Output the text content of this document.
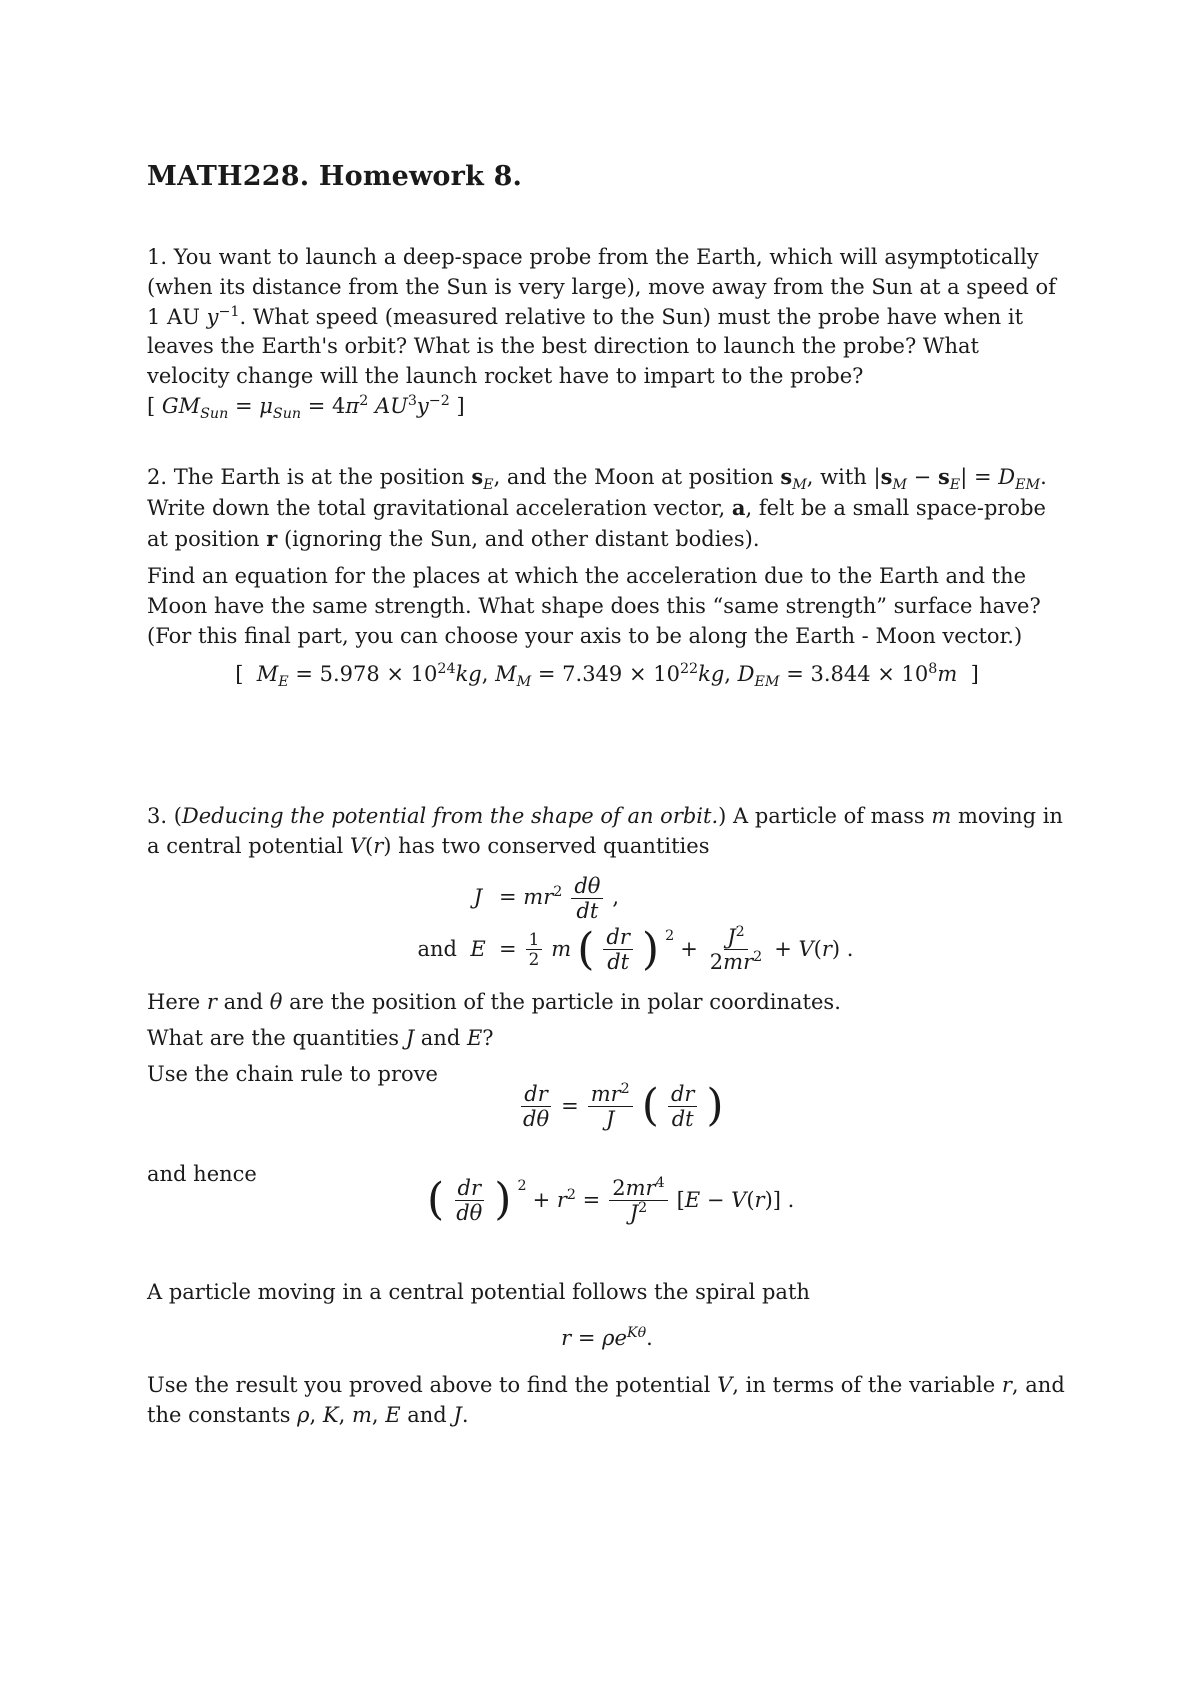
MATH228. Homework 8.

1. You want to launch a deep-space probe from the Earth, which will asymptotically (when its distance from the Sun is very large), move away from the Sun at a speed of 1 AU $y^{-1}$. What speed (measured relative to the Sun) must the probe have when it leaves the Earth's orbit? What is the best direction to launch the probe? What velocity change will the launch rocket have to impart to the probe?

[ $GM_{Sun} = \mu_{Sun} = 4\pi^2$ $AU^3y^{-2}$ ]

2. The Earth is at the position $s_E$, and the Moon at position $s_M$, with $|s_M - s_E| = D_{EM}$. Write down the total gravitational acceleration vector, a, felt be a small space-probe at position r (ignoring the Sun, and other distant bodies).

Find an equation for the places at which the acceleration due to the Earth and the Moon have the same strength. What shape does this “same strength” surface have? (For this final part, you can choose your axis to be along the Earth - Moon vector.)

[  $M_E = 5.978 \times 10^{24}kg$, $M_M = 7.349 \times 10^{22}kg$, $D_{EM} = 3.844 \times 10^8m$  ]

3. (Deducing the potential from the shape of an orbit.) A particle of mass m moving in a central potential V(r) has two conserved quantities

$J = mr^2 \frac{d\theta}{dt}$ ,
and $E = \frac{1}{2}$ m ( $\frac{dr}{dt}$ ) $^2$
+ $\frac{J^2}{2mr^2} + V(r)$ .

Here r and θ are the position of the particle in polar coordinates.

What are the quantities J and E?

Use the chain rule to prove

$\frac{dr}{d\theta} = \frac{mr^2}{J}$ ( $\frac{dr}{dt}$ )

and hence

( $\frac{dr}{d\theta}$ ) $^2$
+ $r^2 = \frac{2mr^4}{J^2} [E - V(r)]$ .

A particle moving in a central potential follows the spiral path

$r = \rho e^{K\theta}$.

Use the result you proved above to find the potential V, in terms of the variable r, and the constants ρ, K, m, E and J.
